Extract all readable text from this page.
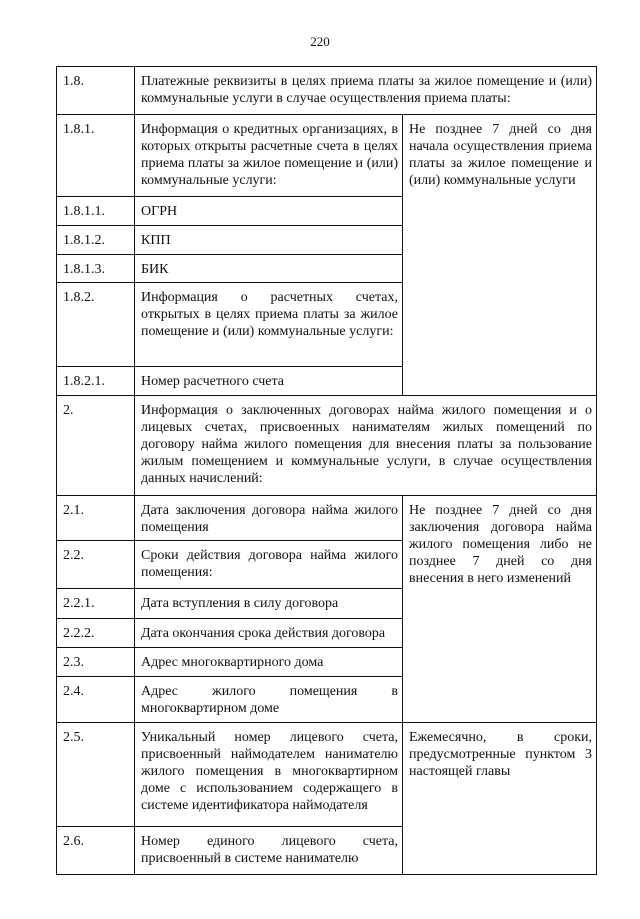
220
1.8.	Платежные реквизиты в целях приема платы за жилое помещение и (или) коммунальные услуги в случае осуществления приема платы:	
1.8.1.	Информация о кредитных организациях, в которых открыты расчетные счета в целях приема платы за жилое помещение и (или) коммунальные услуги:	Не позднее 7 дней со дня начала осуществления приема платы за жилое помещение и (или) коммунальные услуги
1.8.1.1.	ОГРН	
1.8.1.2.	КПП	
1.8.1.3.	БИК	
1.8.2.	Информация о расчетных счетах, открытых в целях приема платы за жилое помещение и (или) коммунальные услуги:	
1.8.2.1.	Номер расчетного счета	
2.	Информация о заключенных договорах найма жилого помещения и о лицевых счетах, присвоенных нанимателям жилых помещений по договору найма жилого помещения для внесения платы за пользование жилым помещением и коммунальные услуги, в случае осуществления данных начислений:	
2.1.	Дата заключения договора найма жилого помещения	Не позднее 7 дней со дня заключения договора найма жилого помещения либо не позднее 7 дней со дня внесения в него изменений
2.2.	Сроки действия договора найма жилого помещения:	
2.2.1.	Дата вступления в силу договора	
2.2.2.	Дата окончания срока действия договора	
2.3.	Адрес многоквартирного дома	
2.4.	Адрес жилого помещения в многоквартирном доме	
2.5.	Уникальный номер лицевого счета, присвоенный наймодателем нанимателю жилого помещения в многоквартирном доме с использованием содержащего в системе идентификатора наймодателя	Ежемесячно, в сроки, предусмотренные пунктом 3 настоящей главы
2.6.	Номер единого лицевого счета, присвоенный в системе нанимателю	
